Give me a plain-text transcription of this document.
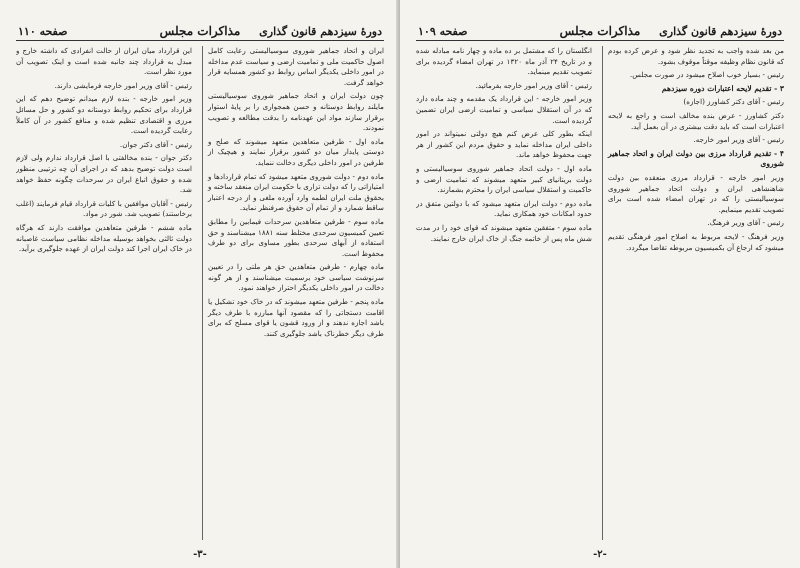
دورهٔ سیزدهم قانون گذاری
مذاکرات مجلس
صفحه ۱۱۰

ایران و اتحاد جماهیر شوروی سوسیالیستی رعایت کامل اصول حاکمیت ملی و تمامیت ارضی و سیاست عدم مداخله در امور داخلی یکدیگر اساس روابط دو کشور همسایه قرار خواهد گرفت.

چون دولت ایران و اتحاد جماهیر شوروی سوسیالیستی مایلند روابط دوستانه و حسن همجواری را بر پایهٔ استوار برقرار سازند مواد این عهدنامه را بدقت مطالعه و تصویب نمودند.

ماده اول - طرفین متعاهدین متعهد میشوند که صلح و دوستی پایدار میان دو کشور برقرار نمایند و هیچیک از طرفین در امور داخلی دیگری دخالت ننماید.

ماده دوم - دولت شوروی متعهد میشود که تمام قراردادها و امتیازاتی را که دولت تزاری با حکومت ایران منعقد ساخته و بحقوق ملت ایران لطمه وارد آورده ملغی و از درجه اعتبار ساقط شمارد و از تمام آن حقوق صرفنظر نماید.

ماده سوم - طرفین متعاهدین سرحدات فیمابین را مطابق تعیین کمیسیون سرحدی مختلط سنه ۱۸۸۱ میشناسند و حق استفاده از آبهای سرحدی بطور مساوی برای دو طرف محفوظ است.

ماده چهارم - طرفین متعاهدین حق هر ملتی را در تعیین سرنوشت سیاسی خود برسمیت میشناسند و از هر گونه دخالت در امور داخلی یکدیگر احتراز خواهند نمود.

ماده پنجم - طرفین متعهد میشوند که در خاک خود تشکیل یا اقامت دستجاتی را که مقصود آنها مبارزه با طرف دیگر باشد اجازه ندهند و از ورود قشون یا قوای مسلح که برای طرف دیگر خطرناک باشد جلوگیری کنند.

این قرارداد میان ایران از حالت انفرادی که داشته خارج و مبدل به قرارداد چند جانبه شده است و اینک تصویب آن مورد نظر است.

رئیس - آقای وزیر امور خارجه فرمایشی دارند.

وزیر امور خارجه - بنده لازم میدانم توضیح دهم که این قرارداد برای تحکیم روابط دوستانه دو کشور و حل مسائل مرزی و اقتصادی تنظیم شده و منافع کشور در آن کاملاً رعایت گردیده است.

رئیس - آقای دکتر جوان.

دکتر جوان - بنده مخالفتی با اصل قرارداد ندارم ولی لازم است دولت توضیح بدهد که در اجرای آن چه ترتیبی منظور شده و حقوق اتباع ایران در سرحدات چگونه حفظ خواهد شد.

رئیس - آقایان موافقین با کلیات قرارداد قیام فرمایند (اغلب برخاستند) تصویب شد. شور در مواد.

ماده ششم - طرفین متعاهدین موافقت دارند که هرگاه دولت ثالثی بخواهد بوسیله مداخله نظامی سیاست غاصبانه در خاک ایران اجرا کند دولت ایران از عهده جلوگیری برآید.

-۳-
دورهٔ سیزدهم قانون گذاری
مذاکرات مجلس
صفحه ۱۰۹

من بعد شده واجب به تجدید نظر شود و عرض کرده بودم که قانون نظام وظیفه موقتاً موقوف بشود.

رئیس - بسیار خوب اصلاح میشود در صورت مجلس.

۳ - تقدیم لایحه اعتبارات دوره سیزدهم

رئیس - آقای دکتر کشاورز (اجازه)

دکتر کشاورز - عرض بنده مخالف است و راجع به لایحه اعتبارات است که باید دقت بیشتری در آن بعمل آید.

رئیس - آقای وزیر امور خارجه.

۴ - تقدیم قرارداد مرزی بین دولت ایران و اتحاد جماهیر شوروی

وزیر امور خارجه - قرارداد مرزی منعقده بین دولت شاهنشاهی ایران و دولت اتحاد جماهیر شوروی سوسیالیستی را که در تهران امضاء شده است برای تصویب تقدیم مینمایم.

رئیس - آقای وزیر فرهنگ.

وزیر فرهنگ - لایحه مربوط به اصلاح امور فرهنگی تقدیم میشود که ارجاع آن بکمیسیون مربوطه تقاضا میگردد.

انگلستان را که مشتمل بر ده ماده و چهار نامه مبادله شده و در تاریخ ۲۴ آذر ماه ۱۳۲۰ در تهران امضاء گردیده برای تصویب تقدیم مینماید.

رئیس - آقای وزیر امور خارجه بفرمائید.

وزیر امور خارجه - این قرارداد یک مقدمه و چند ماده دارد که در آن استقلال سیاسی و تمامیت ارضی ایران تضمین گردیده است.

اینکه بطور کلی عرض کنم هیچ دولتی نمیتواند در امور داخلی ایران مداخله نماید و حقوق مردم این کشور از هر جهت محفوظ خواهد ماند.

ماده اول - دولت اتحاد جماهیر شوروی سوسیالیستی و دولت بریتانیای کبیر متعهد میشوند که تمامیت ارضی و حاکمیت و استقلال سیاسی ایران را محترم بشمارند.

ماده دوم - دولت ایران متعهد میشود که با دولتین متفق در حدود امکانات خود همکاری نماید.

ماده سوم - متفقین متعهد میشوند که قوای خود را در مدت شش ماه پس از خاتمه جنگ از خاک ایران خارج نمایند.

-۲-
